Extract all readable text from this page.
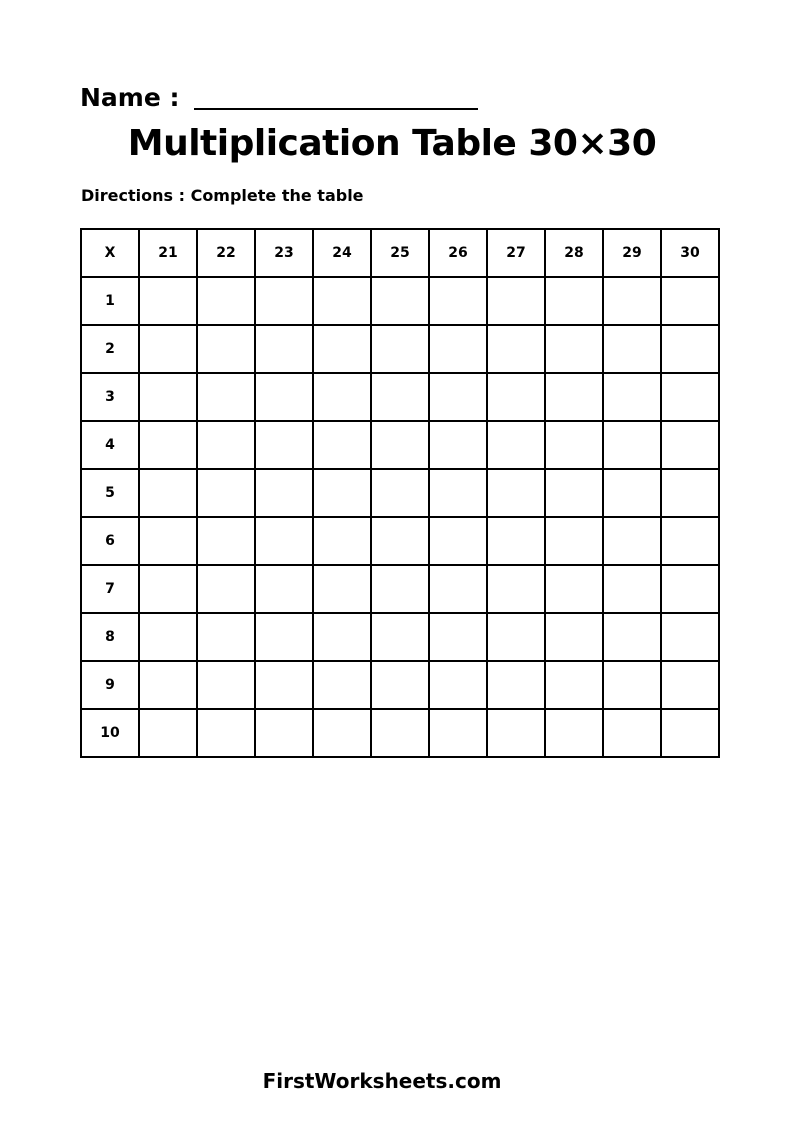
Name :
Multiplication Table 30×30
Directions : Complete the table
X	21	22	23	24	25	26	27	28	29	30
1										
2										
3										
4										
5										
6										
7										
8										
9										
10										
FirstWorksheets.com
